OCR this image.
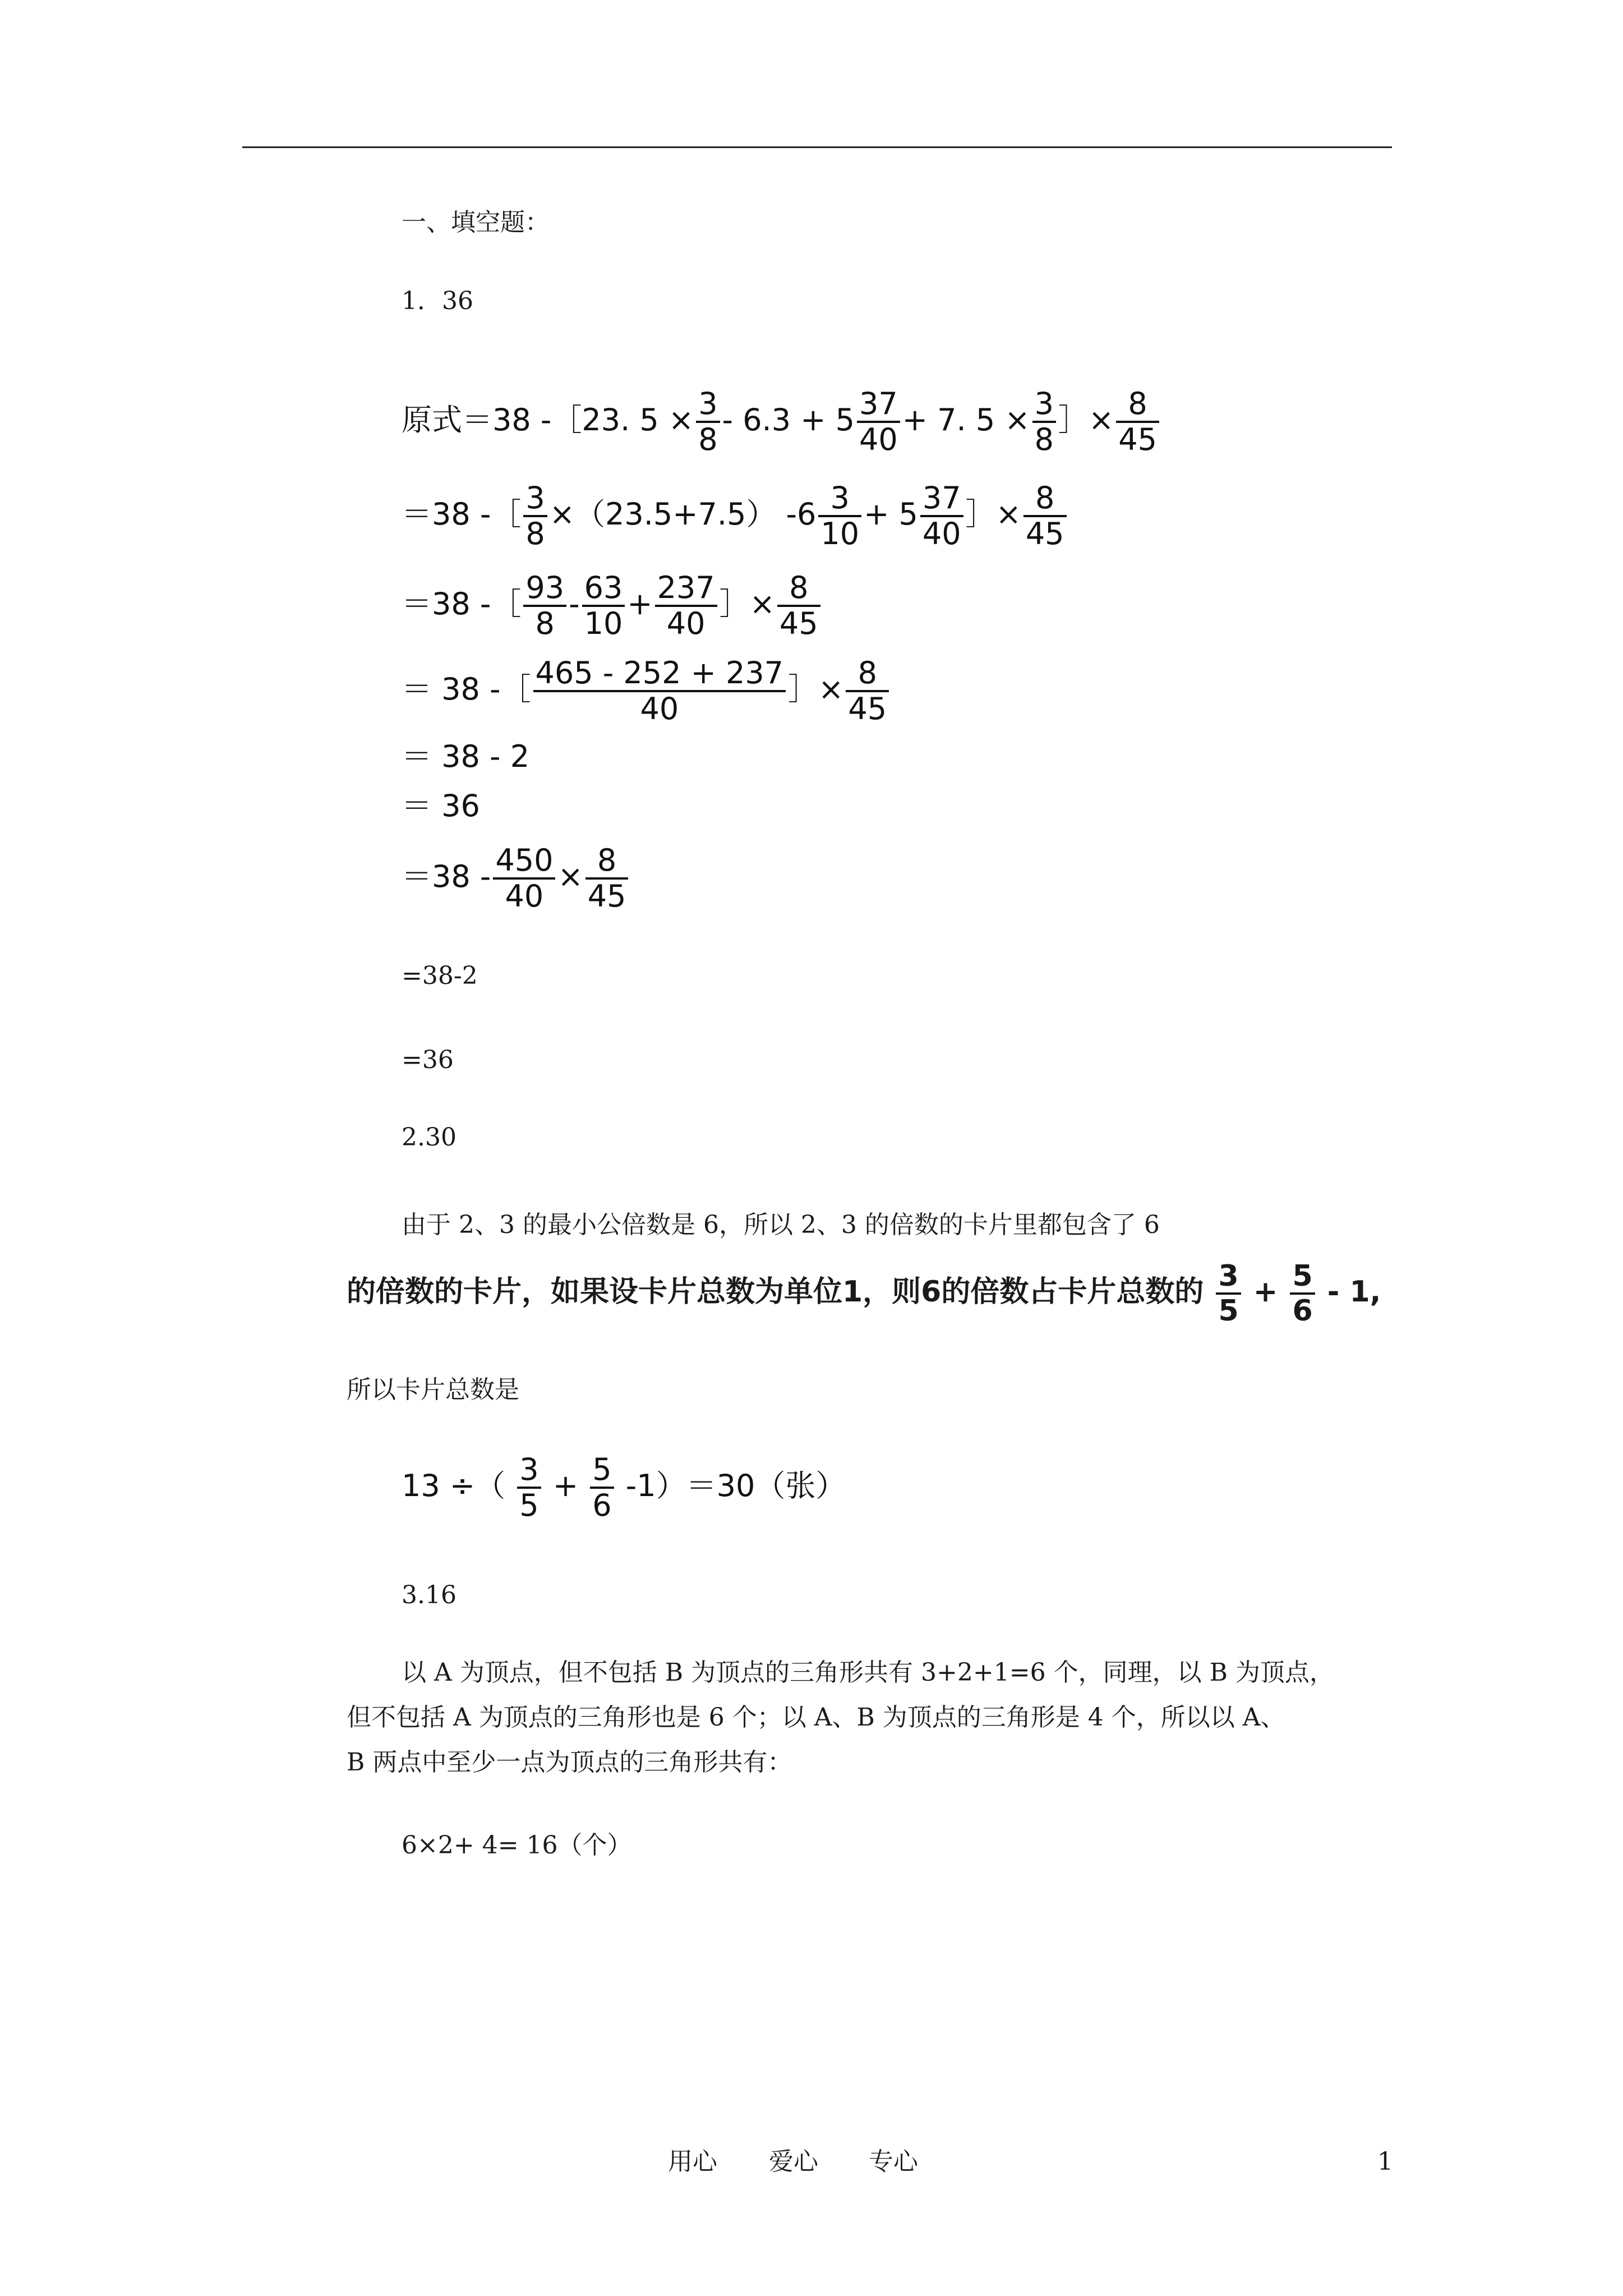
一、填空题：
1．36
原式＝38 -［23. $5 \times \frac{3}{8} - 6.3 + 5 \frac{37}{40} + 7$. $5 \times \frac{3}{8}$ ］× $\frac{8}{45}$
＝38 -［ $\frac{3}{8} \times(23.5+7.5)$ $-6 \frac{3}{10} + 5 \frac{37}{40}$ ］× $\frac{8}{45}$
＝38 -［ $\frac{93}{8} - \frac{63}{10} + \frac{237}{40}$ ］× $\frac{8}{45}$
＝ 38 -［ $\frac{465 - 252 + 237}{40}$ ］× $\frac{8}{45}$
＝ 38 - 2
＝ 36
$=38 - \frac{450}{40} \times \frac{8}{45}$
=38-2
=36
2.30
由于 2、3 的最小公倍数是 6，所以 2、3 的倍数的卡片里都包含了 6
的倍数的卡片，如果设卡片总数为单位1，则6的倍数占卡片总数的 $\frac{3}{5} + \frac{5}{6} - 1$,
所以卡片总数是
13 ÷（ $\frac{3}{5} + \frac{5}{6} -1)=30$（张）
3.16
以 A 为顶点，但不包括 B 为顶点的三角形共有 3+2+1=6 个，同理，以 B 为顶点，
但不包括 A 为顶点的三角形也是 6 个；以 A、B 为顶点的三角形是 4 个，所以以 A、
B 两点中至少一点为顶点的三角形共有：
6×2+ 4= 16（个）
用心 爱心 专心	1
